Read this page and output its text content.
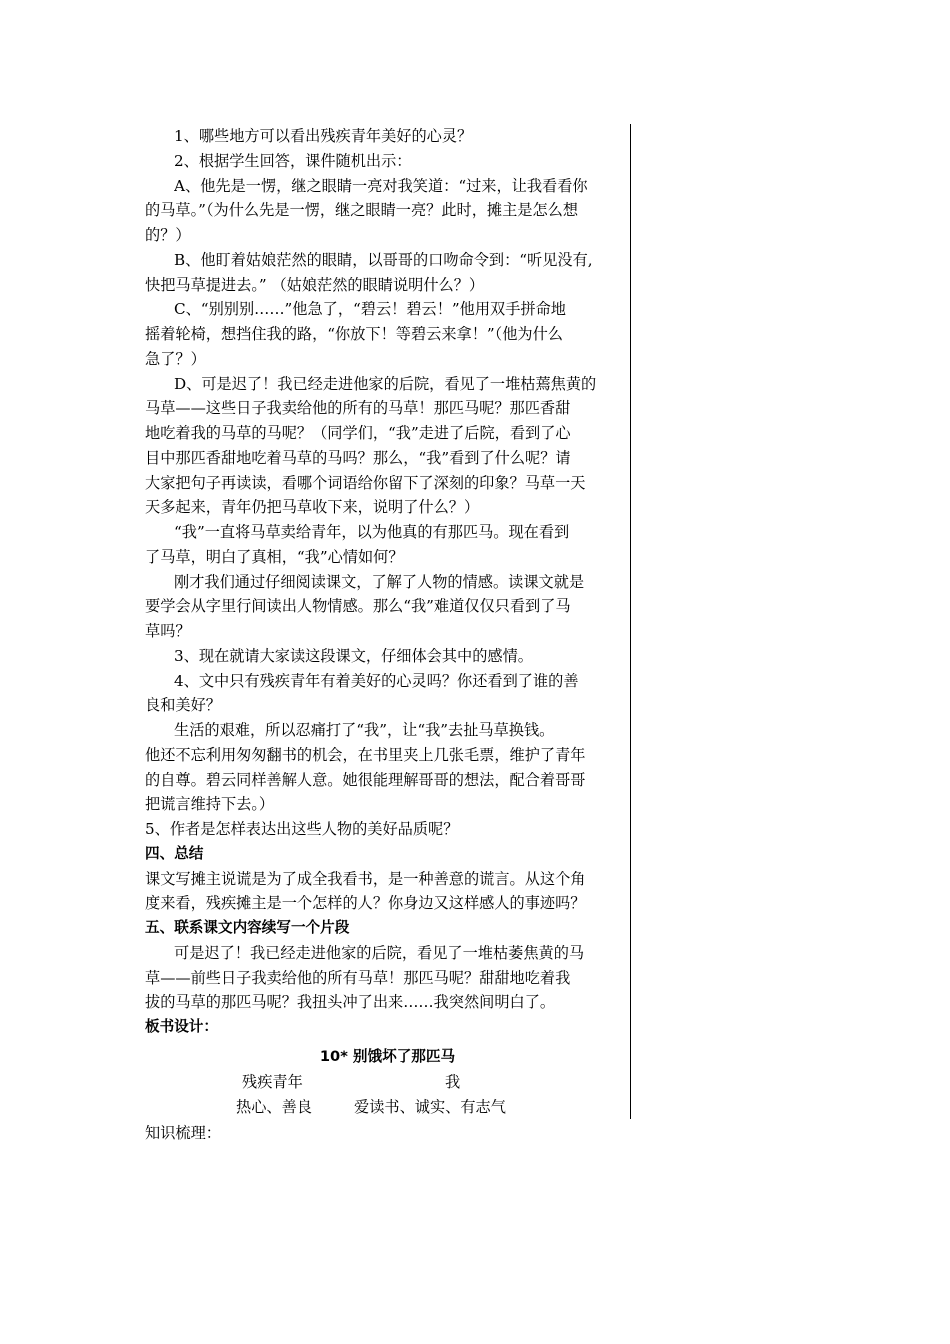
1、哪些地方可以看出残疾青年美好的心灵？
2、根据学生回答，课件随机出示：
A、他先是一愣，继之眼睛一亮对我笑道：“过来，让我看看你
的马草。”（为什么先是一愣，继之眼睛一亮？此时，摊主是怎么想
的？）
B、他盯着姑娘茫然的眼睛，以哥哥的口吻命令到：“听见没有,
快把马草提进去。” （姑娘茫然的眼睛说明什么？）
C、“别别别……”他急了，“碧云！碧云！”他用双手拼命地
摇着轮椅，想挡住我的路，“你放下！等碧云来拿！”（他为什么
急了？）
D、可是迟了！我已经走进他家的后院，看见了一堆枯蔫焦黄的
马草——这些日子我卖给他的所有的马草！那匹马呢？那匹香甜
地吃着我的马草的马呢？（同学们，“我”走进了后院，看到了心
目中那匹香甜地吃着马草的马吗？那么，“我”看到了什么呢？请
大家把句子再读读，看哪个词语给你留下了深刻的印象？马草一天
天多起来，青年仍把马草收下来，说明了什么？）
“我”一直将马草卖给青年，以为他真的有那匹马。现在看到
了马草，明白了真相，“我”心情如何？
刚才我们通过仔细阅读课文，了解了人物的情感。读课文就是
要学会从字里行间读出人物情感。那么“我”难道仅仅只看到了马
草吗？
3、现在就请大家读这段课文，仔细体会其中的感情。
4、文中只有残疾青年有着美好的心灵吗？你还看到了谁的善
良和美好？
生活的艰难，所以忍痛打了“我”，让“我”去扯马草换钱。
他还不忘利用匆匆翻书的机会，在书里夹上几张毛票，维护了青年
的自尊。碧云同样善解人意。她很能理解哥哥的想法，配合着哥哥
把谎言维持下去。）
5、作者是怎样表达出这些人物的美好品质呢？
四、总结
课文写摊主说谎是为了成全我看书，是一种善意的谎言。从这个角
度来看，残疾摊主是一个怎样的人？你身边又这样感人的事迹吗？
五、联系课文内容续写一个片段
可是迟了！我已经走进他家的后院，看见了一堆枯萎焦黄的马
草——前些日子我卖给他的所有马草！那匹马呢？甜甜地吃着我
拔的马草的那匹马呢？我扭头冲了出来……我突然间明白了。
板书设计：
10* 别饿坏了那匹马
残疾青年	我
热心、善良	爱读书、诚实、有志气
知识梳理：
